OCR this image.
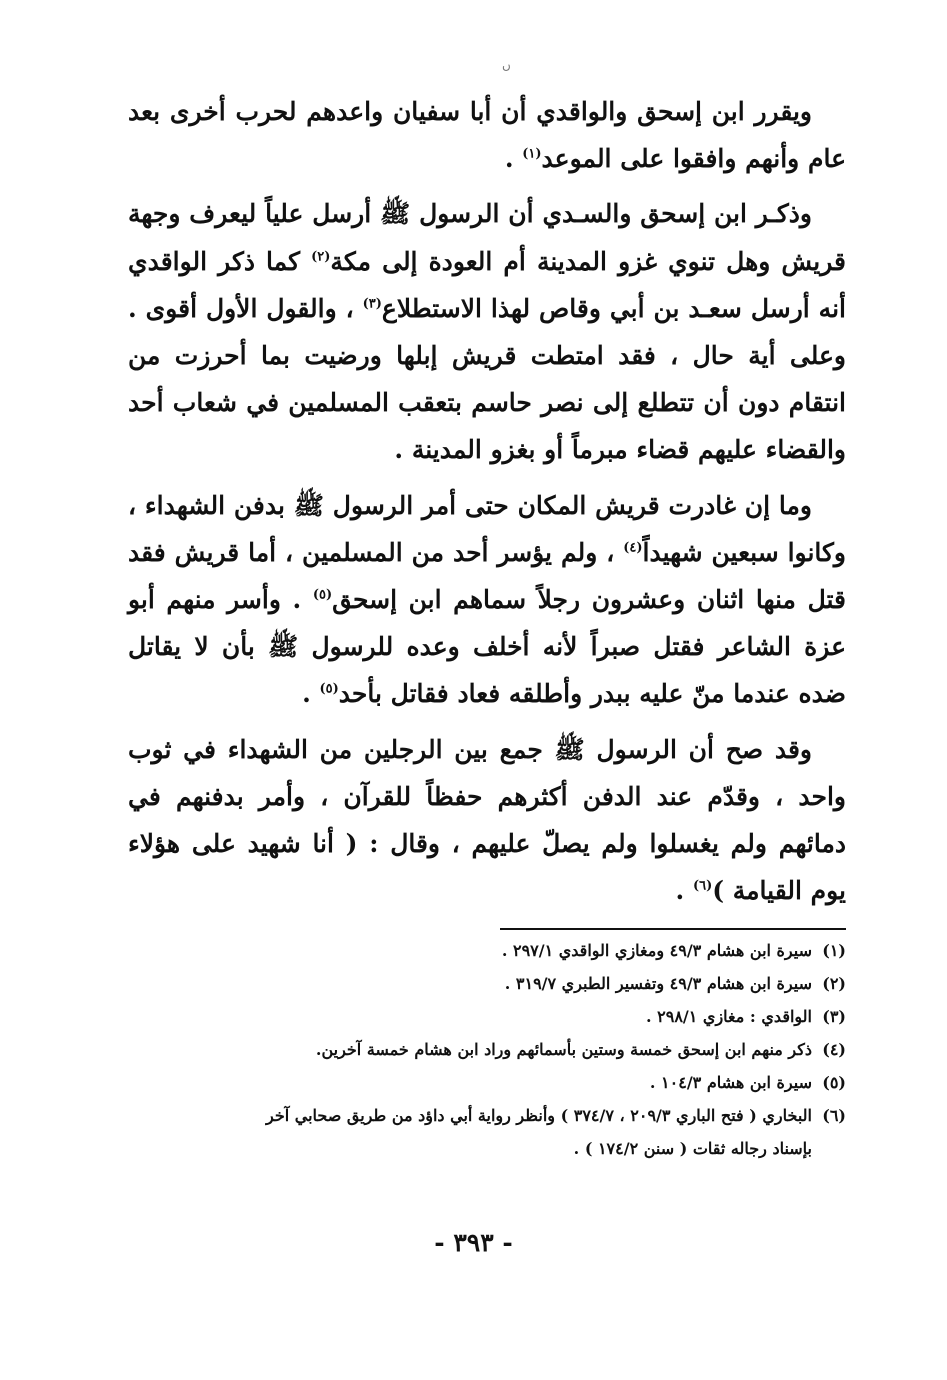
ﮞ

ويقرر ابن إسحق والواقدي أن أبا سفيان واعدهم لحرب أخرى بعد عام وأنهم وافقوا على الموعد$^{(١)}$ .

وذكـر ابن إسحق والسـدي أن الرسول ﷺ أرسل علياً ليعرف وجهة قريش وهل تنوي غزو المدينة أم العودة إلى مكة$^{(٢)}$ كما ذكر الواقدي أنه أرسل سعـد بن أبي وقاص لهذا الاستطلاع$^{(٣)}$ ، والقول الأول أقوى . وعلى أية حال ، فقد امتطت قريش إبلها ورضيت بما أحرزت من انتقام دون أن تتطلع إلى نصر حاسم بتعقب المسلمين في شعاب أحد والقضاء عليهم قضاء مبرماً أو بغزو المدينة .

وما إن غادرت قريش المكان حتى أمر الرسول ﷺ بدفن الشهداء ، وكانوا سبعين شهيداً$^{(٤)}$ ، ولم يؤسر أحد من المسلمين ، أما قريش فقد قتل منها اثنان وعشرون رجلاً سماهم ابن إسحق$^{(٥)}$ . وأسر منهم أبو عزة الشاعر فقتل صبراً لأنه أخلف وعده للرسول ﷺ بأن لا يقاتل ضده عندما منّ عليه ببدر وأطلقه فعاد فقاتل بأحد$^{(٥)}$ .

وقد صح أن الرسول ﷺ جمع بين الرجلين من الشهداء في ثوب واحد ، وقدّم عند الدفن أكثرهم حفظاً للقرآن ، وأمر بدفنهم في دمائهم ولم يغسلوا ولم يصلّ عليهم ، وقال : ( أنا شهيد على هؤلاء يوم القيامة )$^{(٦)}$ .

(١)
سيرة ابن هشام ٤٩/٣ ومغازي الواقدي ٢٩٧/١ .
(٢)
سيرة ابن هشام ٤٩/٣ وتفسير الطبري ٣١٩/٧ .
(٣)
الواقدي : مغازي ٢٩٨/١ .
(٤)
ذكر منهم ابن إسحق خمسة وستين بأسمائهم وراد ابن هشام خمسة آخرين.
(٥)
سيرة ابن هشام ١٠٤/٣ .
(٦)
البخاري ( فتح الباري ٢٠٩/٣ ، ٣٧٤/٧ ) وأنظر رواية أبي داؤد من طريق صحابي آخر
بإسناد رجاله ثقات ( سنن ١٧٤/٢ ) .
- ٣٩٣ -
